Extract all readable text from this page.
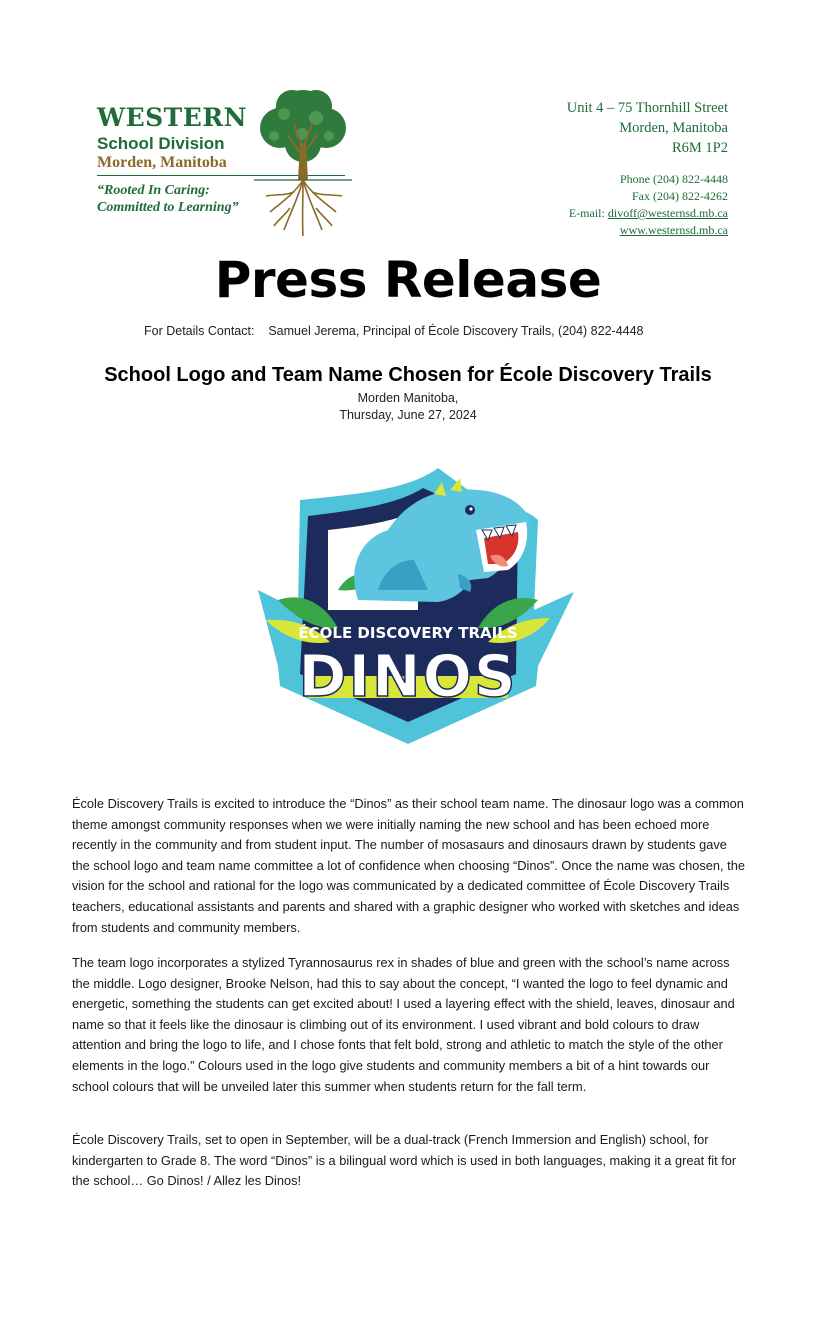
WESTERN
School Division
Morden, Manitoba
“Rooted In Caring:
Committed to Learning”
Unit 4 – 75 Thornhill Street
Morden, Manitoba
R6M 1P2
Phone (204) 822-4448
Fax (204) 822-4262
E-mail: divoff@westernsd.mb.ca
www.westernsd.mb.ca
Press Release
For Details Contact:    Samuel Jerema, Principal of École Discovery Trails, (204) 822-4448
School Logo and Team Name Chosen for École Discovery Trails
Morden Manitoba,
Thursday, June 27, 2024
ÉCOLE DISCOVERY TRAILS
DINOS

École Discovery Trails is excited to introduce the “Dinos” as their school team name. The dinosaur logo was a common theme amongst community responses when we were initially naming the new school and has been echoed more recently in the community and from student input. The number of mosasaurs and dinosaurs drawn by students gave the school logo and team name committee a lot of confidence when choosing “Dinos”. Once the name was chosen, the vision for the school and rational for the logo was communicated by a dedicated committee of École Discovery Trails teachers, educational assistants and parents and shared with a graphic designer who worked with sketches and ideas from students and community members.

The team logo incorporates a stylized Tyrannosaurus rex in shades of blue and green with the school’s name across the middle. Logo designer, Brooke Nelson, had this to say about the concept, “I wanted the logo to feel dynamic and energetic, something the students can get excited about! I used a layering effect with the shield, leaves, dinosaur and name so that it feels like the dinosaur is climbing out of its environment. I used vibrant and bold colours to draw attention and bring the logo to life, and I chose fonts that felt bold, strong and athletic to match the style of the other elements in the logo.” Colours used in the logo give students and community members a bit of a hint towards our school colours that will be unveiled later this summer when students return for the fall term.

École Discovery Trails, set to open in September, will be a dual-track (French Immersion and English) school, for kindergarten to Grade 8. The word “Dinos” is a bilingual word which is used in both languages, making it a great fit for the school… Go Dinos! / Allez les Dinos!
